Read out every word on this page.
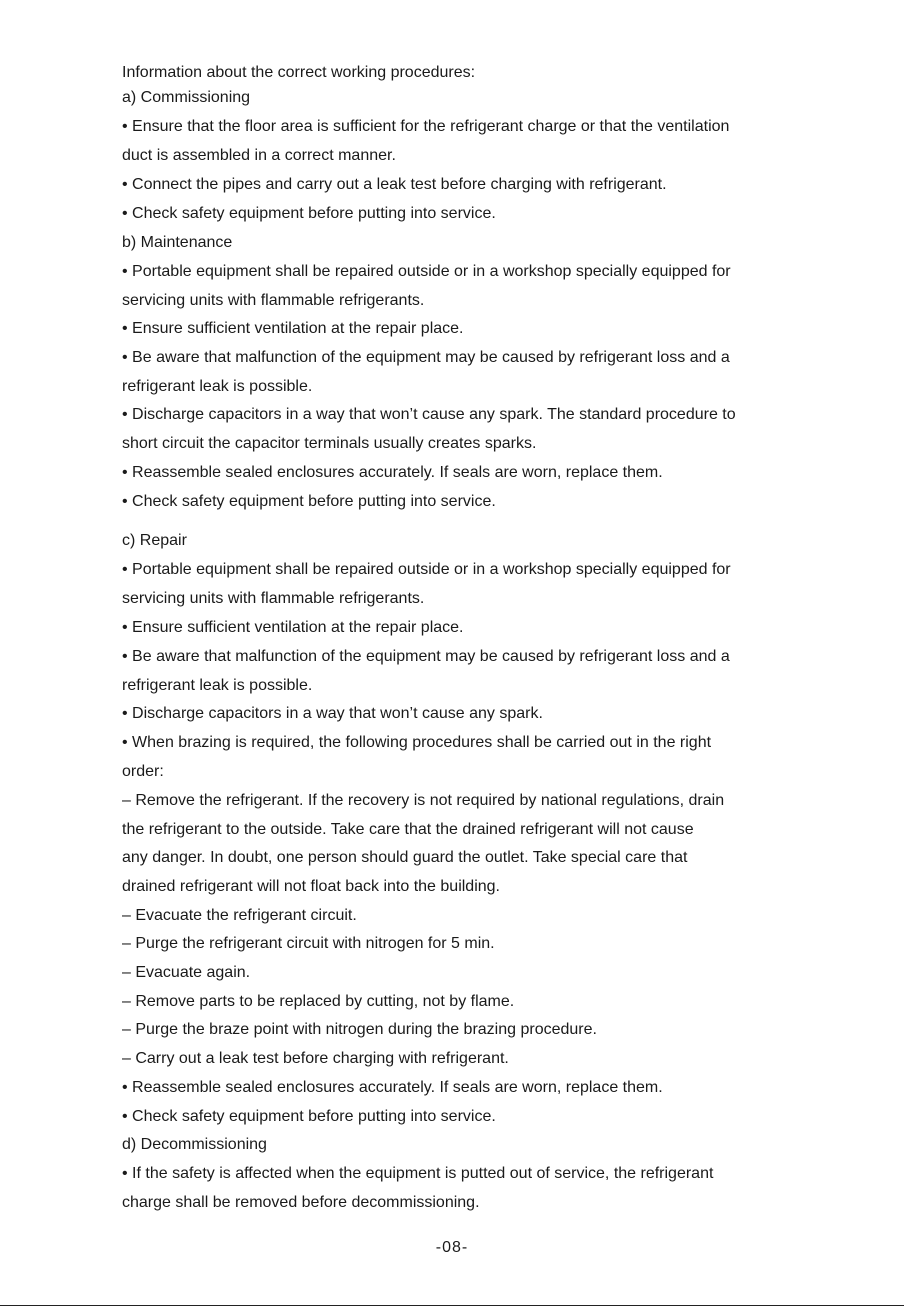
Information about the correct working procedures:
a) Commissioning
• Ensure that the floor area is sufficient for the refrigerant charge or that the ventilation
duct is assembled in a correct manner.
• Connect the pipes and carry out a leak test before charging with refrigerant.
• Check safety equipment before putting into service.
b) Maintenance
• Portable equipment shall be repaired outside or in a workshop specially equipped for
servicing units with flammable refrigerants.
• Ensure sufficient ventilation at the repair place.
• Be aware that malfunction of the equipment may be caused by refrigerant loss and a
refrigerant leak is possible.
• Discharge capacitors in a way that won’t cause any spark. The standard procedure to
short circuit the capacitor terminals usually creates sparks.
• Reassemble sealed enclosures accurately. If seals are worn, replace them.
• Check safety equipment before putting into service.
c) Repair
• Portable equipment shall be repaired outside or in a workshop specially equipped for
servicing units with flammable refrigerants.
• Ensure sufficient ventilation at the repair place.
• Be aware that malfunction of the equipment may be caused by refrigerant loss and a
refrigerant leak is possible.
• Discharge capacitors in a way that won’t cause any spark.
• When brazing is required, the following procedures shall be carried out in the right
order:
– Remove the refrigerant. If the recovery is not required by national regulations, drain
the refrigerant to the outside. Take care that the drained refrigerant will not cause
any danger. In doubt, one person should guard the outlet. Take special care that
drained refrigerant will not float back into the building.
– Evacuate the refrigerant circuit.
– Purge the refrigerant circuit with nitrogen for 5 min.
– Evacuate again.
– Remove parts to be replaced by cutting, not by flame.
– Purge the braze point with nitrogen during the brazing procedure.
– Carry out a leak test before charging with refrigerant.
• Reassemble sealed enclosures accurately. If seals are worn, replace them.
• Check safety equipment before putting into service.
d) Decommissioning
• If the safety is affected when the equipment is putted out of service, the refrigerant
charge shall be removed before decommissioning.
-08-
